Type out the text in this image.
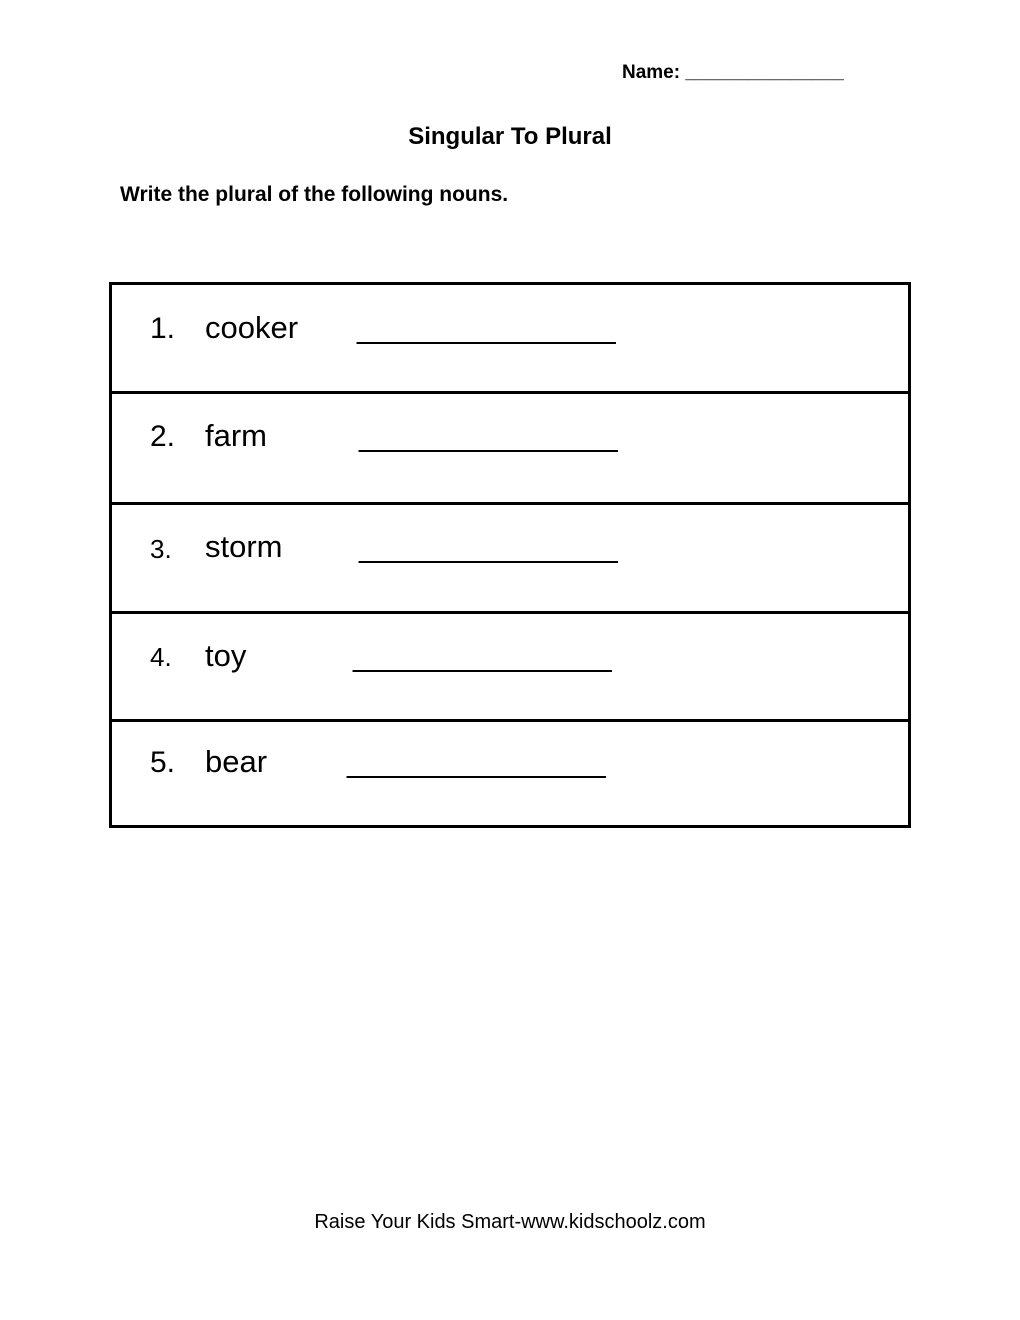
Name: _______________
Singular To Plural
Write the plural of the following nouns.
1. cooker _______________
2. farm	_______________
3. storm _______________
4. toy	_______________
5. bear	_______________
Raise Your Kids Smart-www.kidschoolz.com
